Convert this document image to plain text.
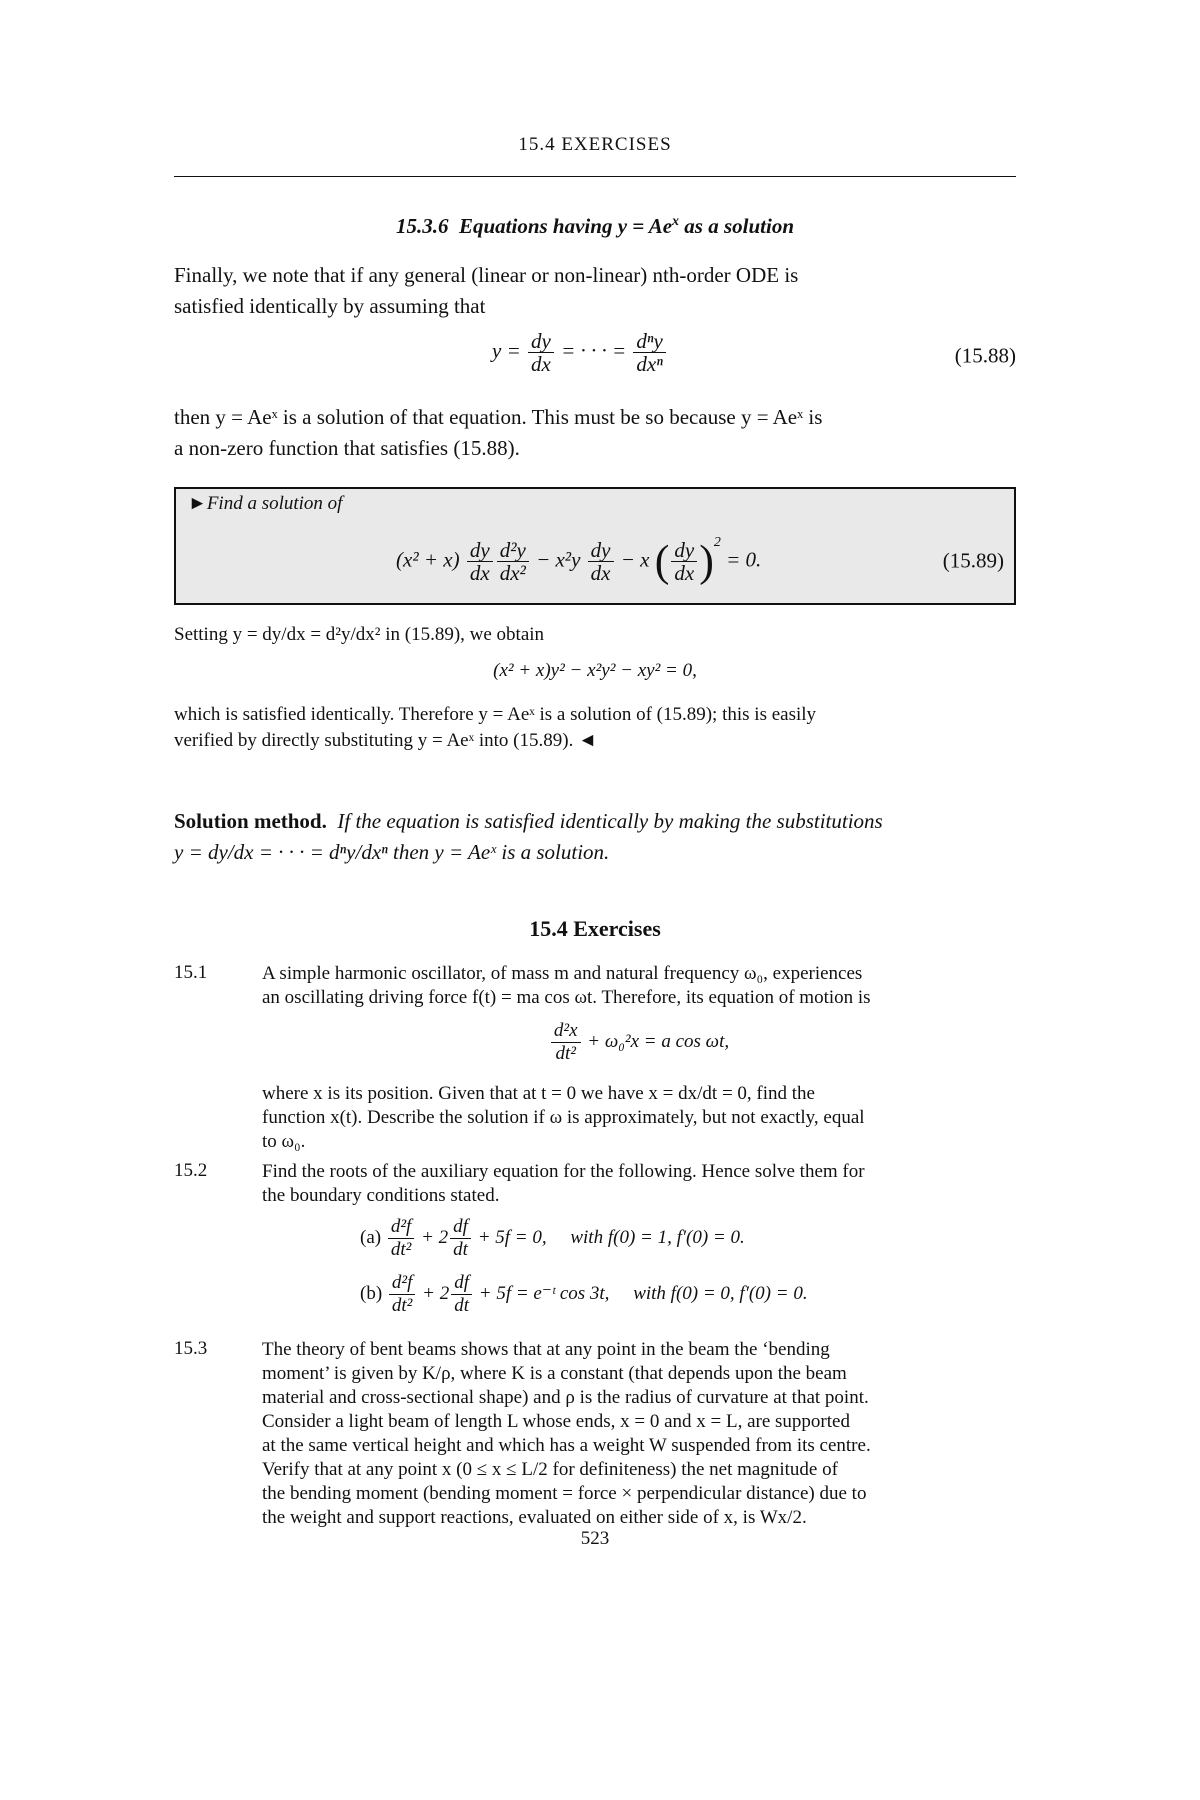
15.4 EXERCISES
15.3.6 Equations having $y = Ae^x$ as a solution
Finally, we note that if any general (linear or non-linear) nth-order ODE is
satisfied identically by assuming that
$y = \frac{dy}{dx}$ = · · · = $\frac{\text{dⁿy}}{\text{dxⁿ}}$	(15.88)
then y = Aeˣ is a solution of that equation. This must be so because y = Aeˣ is
a non-zero function that satisfies (15.88).
►Find a solution of
$(x^2 + x) \frac{dy}{dx} \frac{\text{d²y}}{\text{dx²}} - x^2y \frac{dy}{dx} - x$ ( $\frac{dy}{dx} )^2 = 0$.	(15.89)
Setting y = dy/dx = d²y/dx² in (15.89), we obtain
(x² + x)y² − x²y² − xy² = 0,
which is satisfied identically. Therefore y = Aeˣ is a solution of (15.89); this is easily
verified by directly substituting y = Aeˣ into (15.89). ◄
Solution method. If the equation is satisfied identically by making the substitutions
y = dy/dx = · · · = dⁿy/dxⁿ then y = Aeˣ is a solution.
15.4 Exercises
15.1	A simple harmonic oscillator, of mass m and natural frequency ω₀, experiences
an oscillating driving force f(t) = ma cos ωt. Therefore, its equation of motion is
$\frac{\text{d²x}}{\text{dt²}} + \omega_0^2x = a$ cos ωt,
where x is its position. Given that at t = 0 we have x = dx/dt = 0, find the
function x(t). Describe the solution if ω is approximately, but not exactly, equal
to ω₀.
15.2	Find the roots of the auxiliary equation for the following. Hence solve them for
the boundary conditions stated.
$(a) \frac{\text{d²f}}{\text{dt²}} + 2 \frac{df}{dt} + 5f = 0$, with f(0) = 1, f′(0) = 0.
$(b) \frac{\text{d²f}}{\text{dt²}} + 2 \frac{df}{dt} + 5f$ = e⁻ᵗ cos 3t, with f(0) = 0, f′(0) = 0.
15.3	The theory of bent beams shows that at any point in the beam the ‘bending
moment’ is given by K/ρ, where K is a constant (that depends upon the beam
material and cross-sectional shape) and ρ is the radius of curvature at that point.
Consider a light beam of length L whose ends, x = 0 and x = L, are supported
at the same vertical height and which has a weight W suspended from its centre.
Verify that at any point x (0 ≤ x ≤ L/2 for definiteness) the net magnitude of
the bending moment (bending moment = force × perpendicular distance) due to
the weight and support reactions, evaluated on either side of x, is Wx/2.
523
